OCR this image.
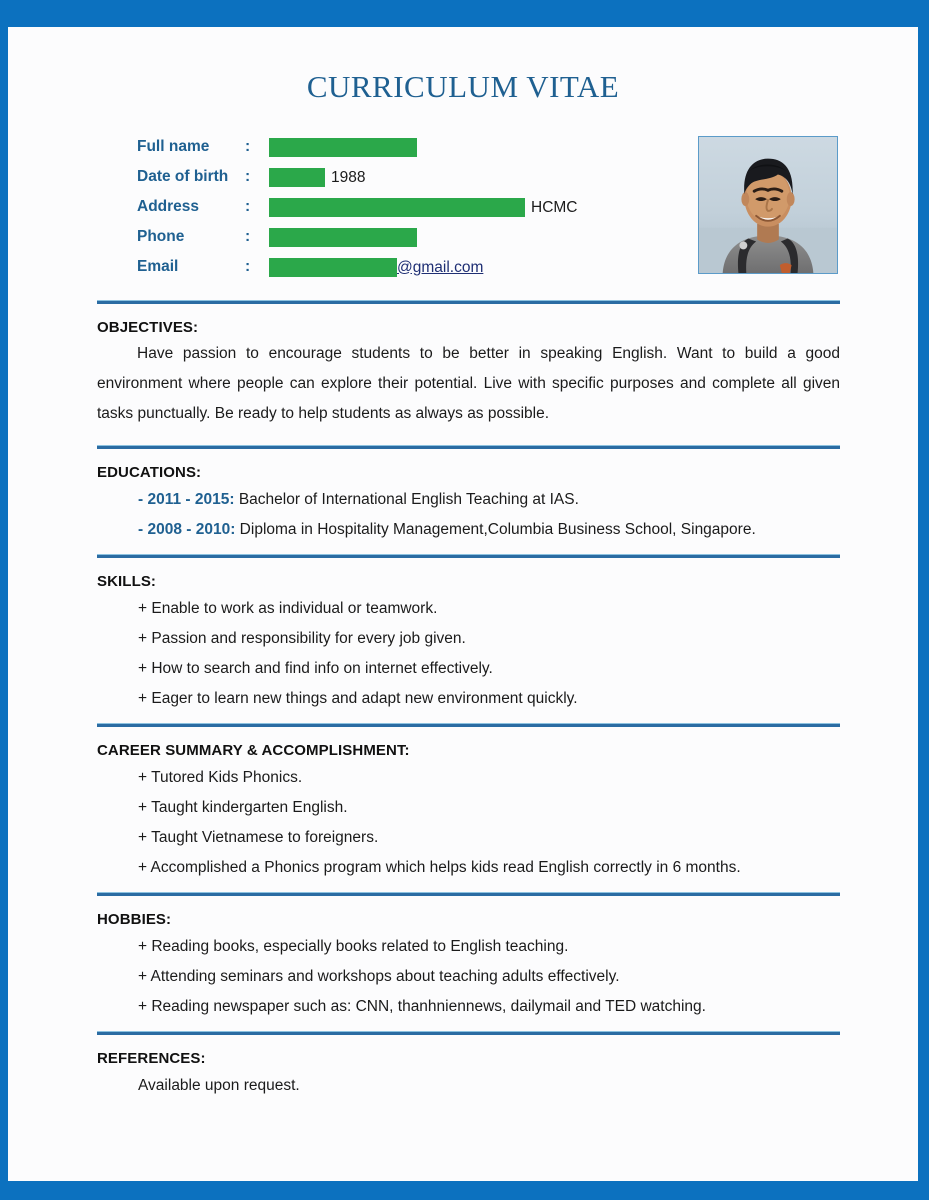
CURRICULUM VITAE
Full name	:	
Date of birth	:	1988
Address	:	HCMC
Phone	:	
Email	:	@gmail.com
OBJECTIVES:

Have passion to encourage students to be better in speaking English. Want to build a good environment where people can explore their potential. Live with specific purposes and complete all given tasks punctually. Be ready to help students as always as possible.

EDUCATIONS:
- 2011 - 2015: Bachelor of International English Teaching at IAS.
- 2008 - 2010: Diploma in Hospitality Management,Columbia Business School, Singapore.
SKILLS:
+ Enable to work as individual or teamwork.
+ Passion and responsibility for every job given.
+ How to search and find info on internet effectively.
+ Eager to learn new things and adapt new environment quickly.
CAREER SUMMARY & ACCOMPLISHMENT:
+ Tutored Kids Phonics.
+ Taught kindergarten English.
+ Taught Vietnamese to foreigners.
+ Accomplished a Phonics program which helps kids read English correctly in 6 months.
HOBBIES:
+ Reading books, especially books related to English teaching.
+ Attending seminars and workshops about teaching adults effectively.
+ Reading newspaper such as: CNN, thanhniennews, dailymail and TED watching.
REFERENCES:

Available upon request.
